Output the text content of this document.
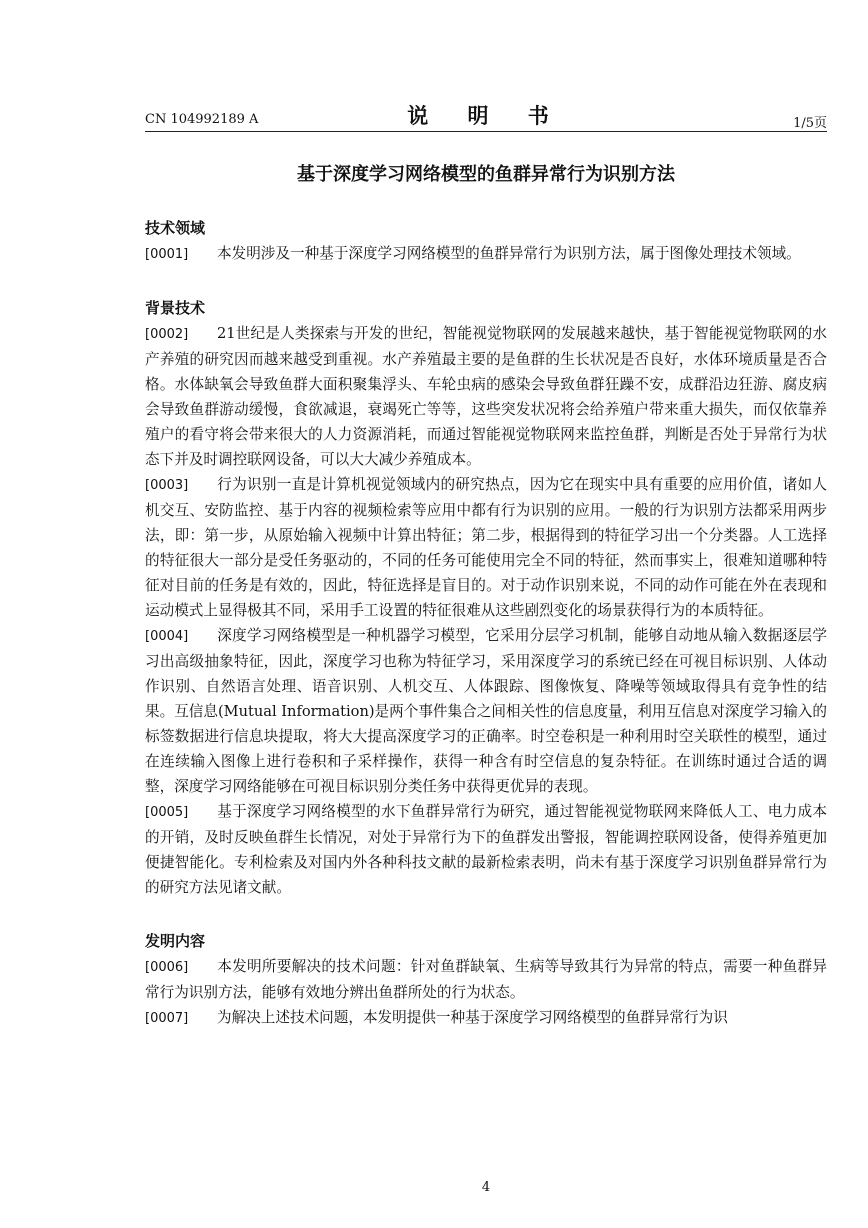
CN 104992189 A	说 明 书	1/5页
基于深度学习网络模型的鱼群异常行为识别方法
技术领域
[0001] 本发明涉及一种基于深度学习网络模型的鱼群异常行为识别方法，属于图像处理技术领域。
背景技术
[0002] 21世纪是人类探索与开发的世纪，智能视觉物联网的发展越来越快，基于智能视觉物联网的水产养殖的研究因而越来越受到重视。水产养殖最主要的是鱼群的生长状况是否良好，水体环境质量是否合格。水体缺氧会导致鱼群大面积聚集浮头、车轮虫病的感染会导致鱼群狂躁不安，成群沿边狂游、腐皮病会导致鱼群游动缓慢，食欲减退，衰竭死亡等等，这些突发状况将会给养殖户带来重大损失，而仅依靠养殖户的看守将会带来很大的人力资源消耗，而通过智能视觉物联网来监控鱼群，判断是否处于异常行为状态下并及时调控联网设备，可以大大减少养殖成本。
[0003] 行为识别一直是计算机视觉领域内的研究热点，因为它在现实中具有重要的应用价值，诸如人机交互、安防监控、基于内容的视频检索等应用中都有行为识别的应用。一般的行为识别方法都采用两步法，即：第一步，从原始输入视频中计算出特征；第二步，根据得到的特征学习出一个分类器。人工选择的特征很大一部分是受任务驱动的，不同的任务可能使用完全不同的特征，然而事实上，很难知道哪种特征对目前的任务是有效的，因此，特征选择是盲目的。对于动作识别来说，不同的动作可能在外在表现和运动模式上显得极其不同，采用手工设置的特征很难从这些剧烈变化的场景获得行为的本质特征。
[0004] 深度学习网络模型是一种机器学习模型，它采用分层学习机制，能够自动地从输入数据逐层学习出高级抽象特征，因此，深度学习也称为特征学习，采用深度学习的系统已经在可视目标识别、人体动作识别、自然语言处理、语音识别、人机交互、人体跟踪、图像恢复、降噪等领域取得具有竞争性的结果。互信息(Mutual Information)是两个事件集合之间相关性的信息度量，利用互信息对深度学习输入的标签数据进行信息块提取，将大大提高深度学习的正确率。时空卷积是一种利用时空关联性的模型，通过在连续输入图像上进行卷积和子采样操作，获得一种含有时空信息的复杂特征。在训练时通过合适的调整，深度学习网络能够在可视目标识别分类任务中获得更优异的表现。
[0005] 基于深度学习网络模型的水下鱼群异常行为研究，通过智能视觉物联网来降低人工、电力成本的开销，及时反映鱼群生长情况，对处于异常行为下的鱼群发出警报，智能调控联网设备，使得养殖更加便捷智能化。专利检索及对国内外各种科技文献的最新检索表明，尚未有基于深度学习识别鱼群异常行为的研究方法见诸文献。
发明内容
[0006] 本发明所要解决的技术问题：针对鱼群缺氧、生病等导致其行为异常的特点，需要一种鱼群异常行为识别方法，能够有效地分辨出鱼群所处的行为状态。
[0007] 为解决上述技术问题，本发明提供一种基于深度学习网络模型的鱼群异常行为识
4
